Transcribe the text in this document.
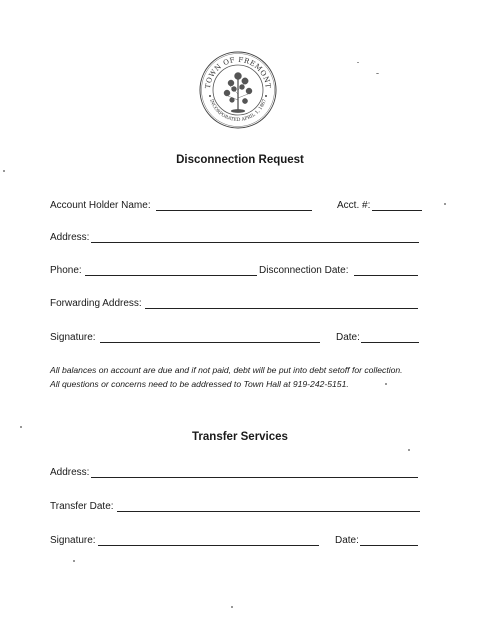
TOWN OF FREMONT
INCORPORATED APRIL 1, 1867
Disconnection Request
Account Holder Name:	Acct. #:
Address:
Phone:	Disconnection Date:
Forwarding Address:
Signature:	Date:
All balances on account are due and if not paid, debt will be put into debt setoff for collection.
All questions or concerns need to be addressed to Town Hall at 919-242-5151.
Transfer Services
Address:
Transfer Date:
Signature:	Date:
